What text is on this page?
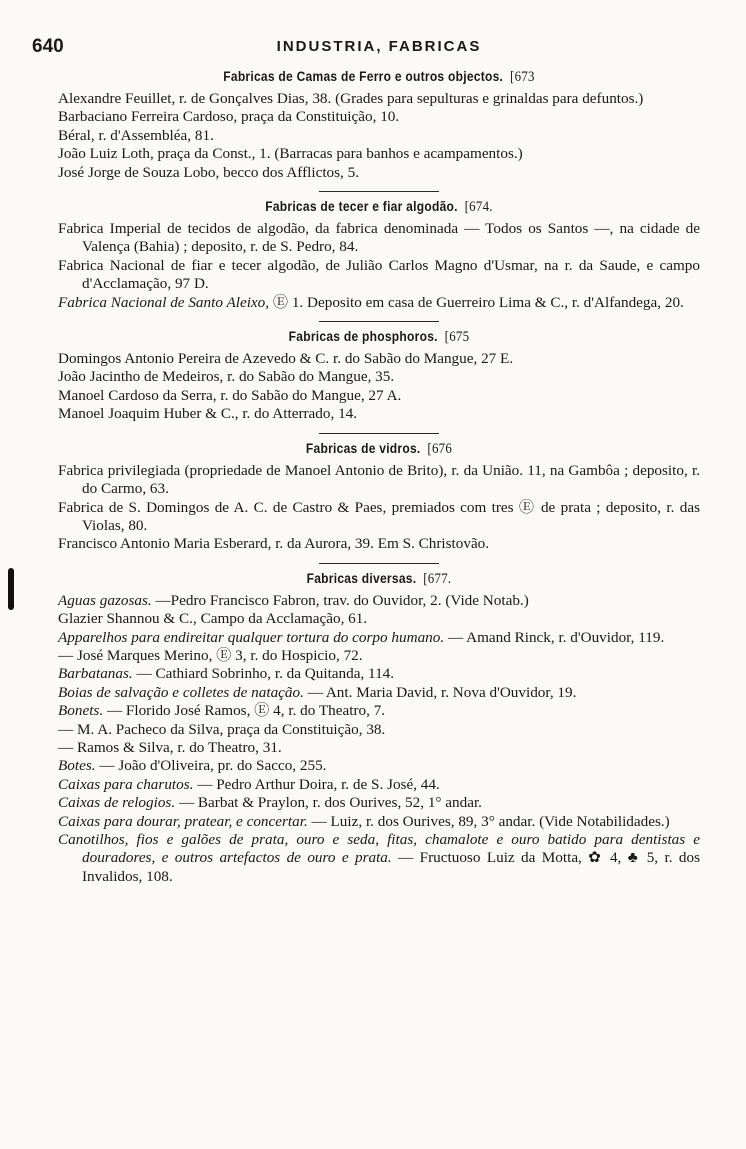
640	INDUSTRIA, FABRICAS
Fabricas de Camas de Ferro e outros objectos. [673

Alexandre Feuillet, r. de Gonçalves Dias, 38. (Grades para sepulturas e grinaldas para defuntos.)

Barbaciano Ferreira Cardoso, praça da Constituição, 10.

Béral, r. d'Assembléa, 81.

João Luiz Loth, praça da Const., 1. (Barracas para banhos e acampamentos.)

José Jorge de Souza Lobo, becco dos Afflictos, 5.

Fabricas de tecer e fiar algodão. [674.

Fabrica Imperial de tecidos de algodão, da fabrica denominada — Todos os Santos —, na cidade de Valença (Bahia) ; deposito, r. de S. Pedro, 84.

Fabrica Nacional de fiar e tecer algodão, de Julião Carlos Magno d'Usmar, na r. da Saude, e campo d'Acclamação, 97 D.

Fabrica Nacional de Santo Aleixo, Ⓔ 1. Deposito em casa de Guerreiro Lima & C., r. d'Alfandega, 20.

Fabricas de phosphoros. [675

Domingos Antonio Pereira de Azevedo & C. r. do Sabão do Mangue, 27 E.

João Jacintho de Medeiros, r. do Sabão do Mangue, 35.

Manoel Cardoso da Serra, r. do Sabão do Mangue, 27 A.

Manoel Joaquim Huber & C., r. do Atterrado, 14.

Fabricas de vidros. [676

Fabrica privilegiada (propriedade de Manoel Antonio de Brito), r. da União. 11, na Gambôa ; deposito, r. do Carmo, 63.

Fabrica de S. Domingos de A. C. de Castro & Paes, premiados com tres Ⓔ de prata ; deposito, r. das Violas, 80.

Francisco Antonio Maria Esberard, r. da Aurora, 39. Em S. Christovão.

Fabricas diversas. [677.

Aguas gazosas. —Pedro Francisco Fabron, trav. do Ouvidor, 2. (Vide Notab.)

Glazier Shannou & C., Campo da Acclamação, 61.

Apparelhos para endireitar qualquer tortura do corpo humano. — Amand Rinck, r. d'Ouvidor, 119.

— José Marques Merino, Ⓔ 3, r. do Hospicio, 72.

Barbatanas. — Cathiard Sobrinho, r. da Quitanda, 114.

Boias de salvação e colletes de natação. — Ant. Maria David, r. Nova d'Ouvidor, 19.

Bonets. — Florido José Ramos, Ⓔ 4, r. do Theatro, 7.

— M. A. Pacheco da Silva, praça da Constituição, 38.

— Ramos & Silva, r. do Theatro, 31.

Botes. — João d'Oliveira, pr. do Sacco, 255.

Caixas para charutos. — Pedro Arthur Doira, r. de S. José, 44.

Caixas de relogios. — Barbat & Praylon, r. dos Ourives, 52, 1° andar.

Caixas para dourar, pratear, e concertar. — Luiz, r. dos Ourives, 89, 3° andar. (Vide Notabilidades.)

Canotilhos, fios e galões de prata, ouro e seda, fitas, chamalote e ouro batido para dentistas e douradores, e outros artefactos de ouro e prata. — Fructuoso Luiz da Motta, ✿ 4, ♣ 5, r. dos Invalidos, 108.
